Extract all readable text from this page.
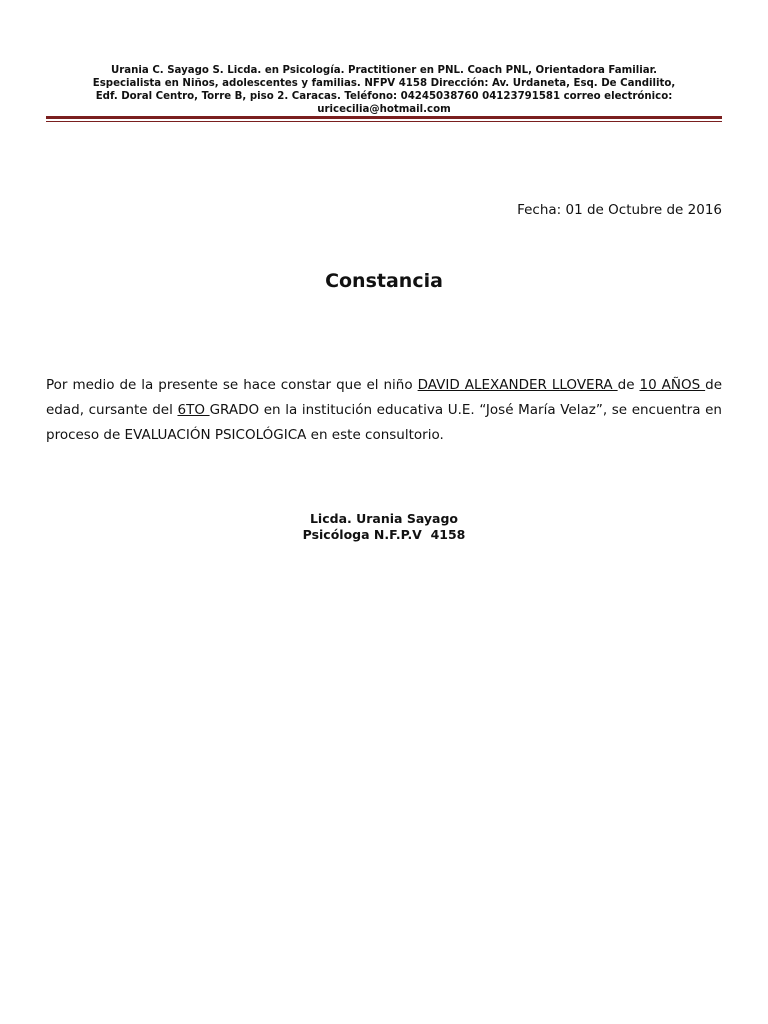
Urania C. Sayago S. Licda. en Psicología. Practitioner en PNL. Coach PNL, Orientadora Familiar.
Especialista en Niños, adolescentes y familias. NFPV 4158 Dirección: Av. Urdaneta, Esq. De Candilito,
Edf. Doral Centro, Torre B, piso 2. Caracas. Teléfono: 04245038760 04123791581 correo electrónico:
uricecilia@hotmail.com
Fecha: 01 de Octubre de 2016
Constancia
Por medio de la presente se hace constar que el niño DAVID ALEXANDER LLOVERA de 10 AÑOS de edad, cursante del 6TO GRADO en la institución educativa U.E. “José María Velaz”, se encuentra en proceso de EVALUACIÓN PSICOLÓGICA en este consultorio.
Licda. Urania Sayago
Psicóloga N.F.P.V  4158
